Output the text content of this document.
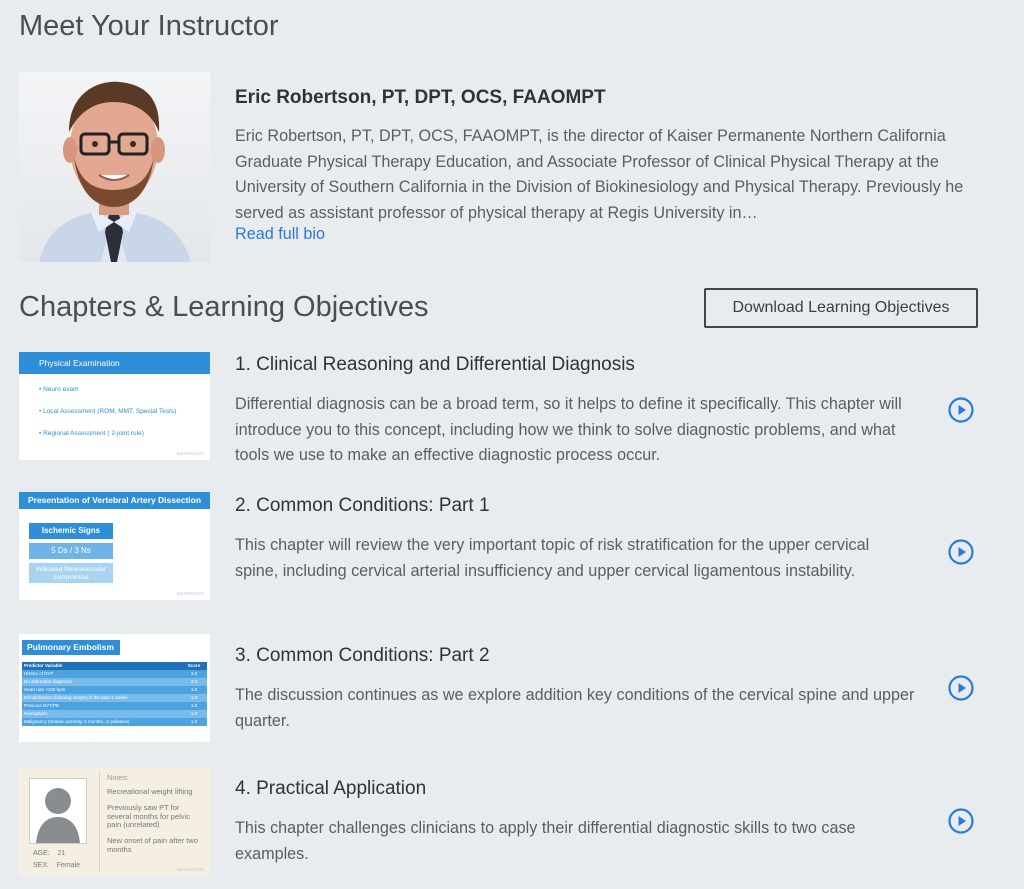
Meet Your Instructor
Eric Robertson, PT, DPT, OCS, FAAOMPT

Eric Robertson, PT, DPT, OCS, FAAOMPT, is the director of Kaiser Permanente Northern California Graduate Physical Therapy Education, and Associate Professor of Clinical Physical Therapy at the University of Southern California in the Division of Biokinesiology and Physical Therapy. Previously he served as assistant professor of physical therapy at Regis University in…

Read full bio
Chapters & Learning Objectives	Download Learning Objectives
Physical Examination
• Neuro exam
• Local Assessment (ROM, MMT, Special Tests)
• Regional Assessment ( 2-joint rule)
MEDBRIDGE
1. Clinical Reasoning and Differential Diagnosis

Differential diagnosis can be a broad term, so it helps to define it specifically. This chapter will introduce you to this concept, including how we think to solve diagnostic problems, and what tools we use to make an effective diagnostic process occur.

Presentation of Vertebral Artery Dissection
Ischemic Signs
5 Ds / 3 Ns
Indicated Neurovascular compromise
MEDBRIDGE
2. Common Conditions: Part 1

This chapter will review the very important topic of risk stratification for the upper cervical spine, including cervical arterial insufficiency and upper cervical ligamentous instability.

Pulmonary Embolism
Predictor Variable	Score
History of DVT	3.0
No alternative diagnosis	3.0
Heart rate >100 bpm	1.5
Immobilization following surgery in the past 4 weeks	1.5
Previous DVT/PE	1.5
Hemoptysis	1.0
Malignancy (treated currently, 6 months, or palliative)	1.0
3. Common Conditions: Part 2

The discussion continues as we explore addition key conditions of the cervical spine and upper quarter.

AGE: 21
SEX: Female
Notes:
Recreational weight lifting
Previously saw PT for several months for pelvic pain (unrelated)
New onset of pain after two months
MEDBRIDGE
4. Practical Application

This chapter challenges clinicians to apply their differential diagnostic skills to two case examples.
